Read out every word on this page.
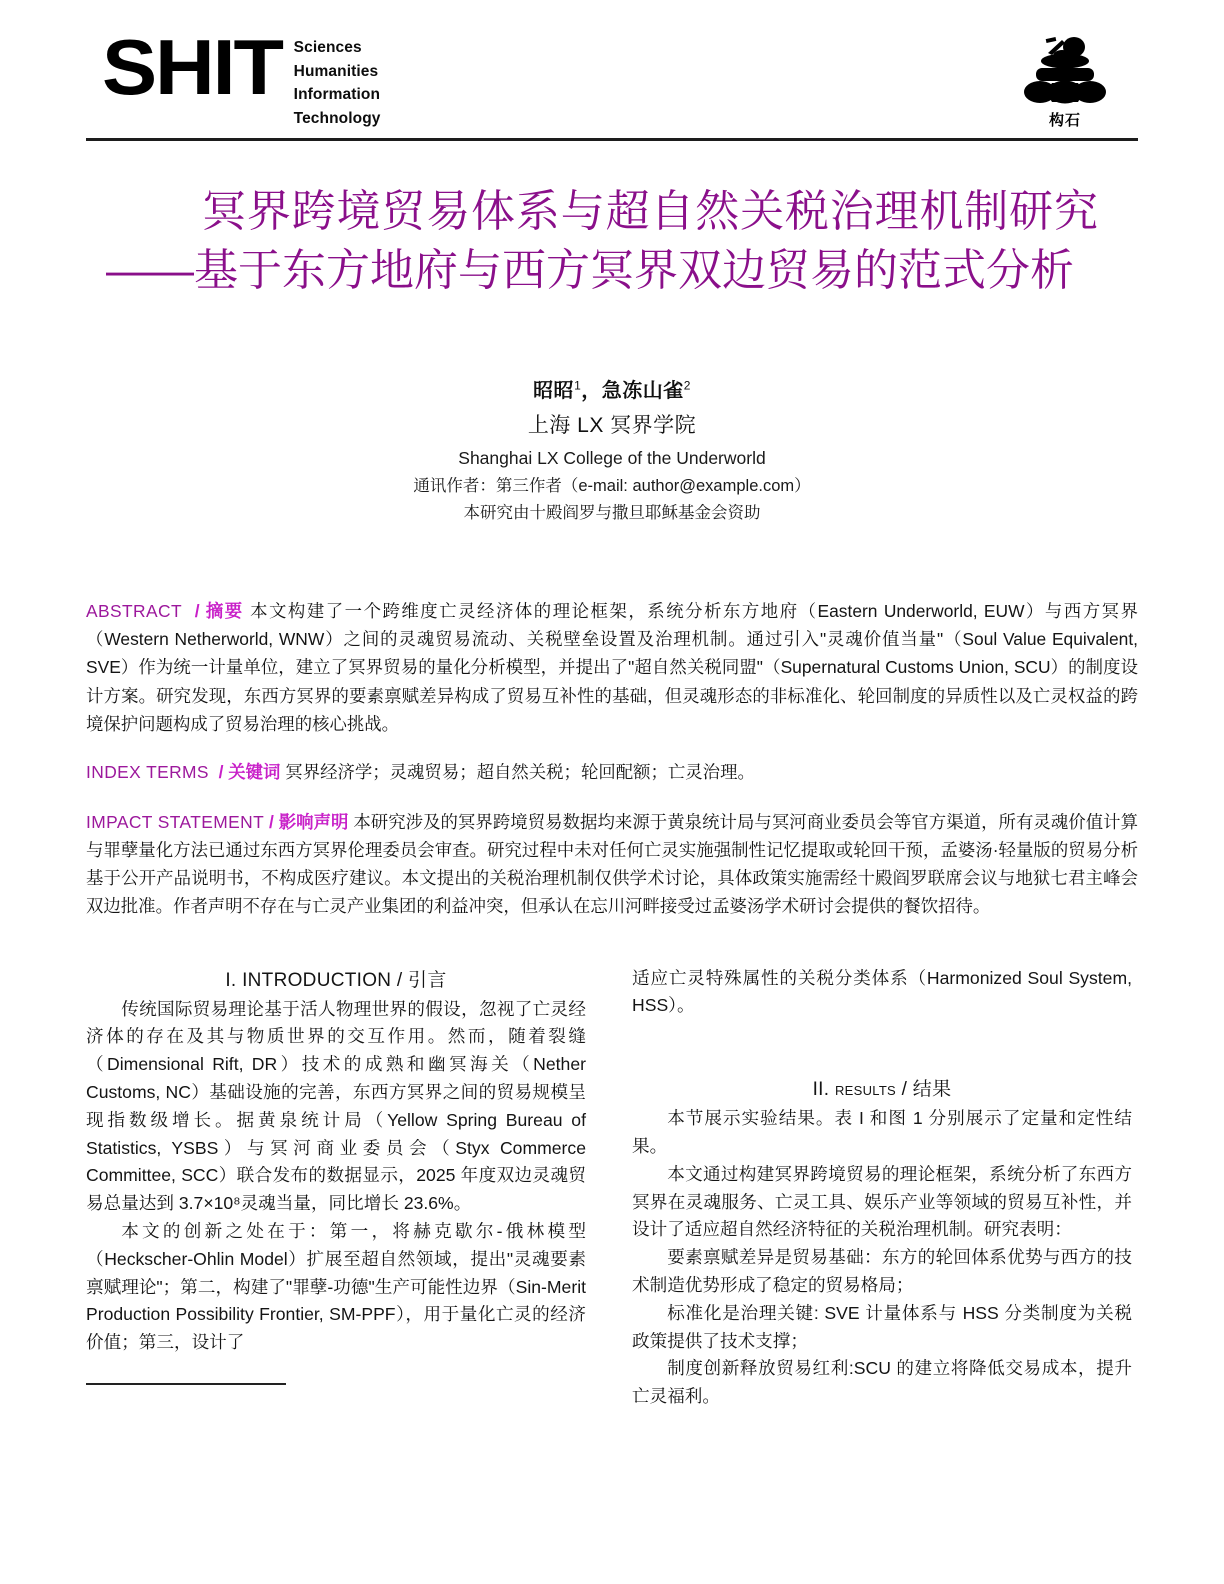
SHIT Sciences
Humanities
Information
Technology	构石
冥界跨境贸易体系与超自然关税治理机制研究——基于东方地府与西方冥界双边贸易的范式分析
昭昭$^1$，急冻山雀$^2$
上海 LX 冥界学院
Shanghai LX College of the Underworld
通讯作者：第三作者（e-mail: author@example.com）
本研究由十殿阎罗与撒旦耶稣基金会资助

ABSTRACT / 摘要 本文构建了一个跨维度亡灵经济体的理论框架，系统分析东方地府（Eastern Underworld, EUW）与西方冥界（Western Netherworld, WNW）之间的灵魂贸易流动、关税壁垒设置及治理机制。通过引入"灵魂价值当量"（Soul Value Equivalent, SVE）作为统一计量单位，建立了冥界贸易的量化分析模型，并提出了"超自然关税同盟"（Supernatural Customs Union, SCU）的制度设计方案。研究发现，东西方冥界的要素禀赋差异构成了贸易互补性的基础，但灵魂形态的非标准化、轮回制度的异质性以及亡灵权益的跨境保护问题构成了贸易治理的核心挑战。

INDEX TERMS / 关键词 冥界经济学；灵魂贸易；超自然关税；轮回配额；亡灵治理。

IMPACT STATEMENT / 影响声明 本研究涉及的冥界跨境贸易数据均来源于黄泉统计局与冥河商业委员会等官方渠道，所有灵魂价值计算与罪孽量化方法已通过东西方冥界伦理委员会审查。研究过程中未对任何亡灵实施强制性记忆提取或轮回干预，孟婆汤·轻量版的贸易分析基于公开产品说明书，不构成医疗建议。本文提出的关税治理机制仅供学术讨论，具体政策实施需经十殿阎罗联席会议与地狱七君主峰会双边批准。作者声明不存在与亡灵产业集团的利益冲突，但承认在忘川河畔接受过孟婆汤学术研讨会提供的餐饮招待。

I. INTRODUCTION / 引言

传统国际贸易理论基于活人物理世界的假设，忽视了亡灵经济体的存在及其与物质世界的交互作用。然而，随着裂缝（Dimensional Rift, DR）技术的成熟和幽冥海关（Nether Customs, NC）基础设施的完善，东西方冥界之间的贸易规模呈现指数级增长。据黄泉统计局（Yellow Spring Bureau of Statistics, YSBS）与冥河商业委员会（Styx Commerce Committee, SCC）联合发布的数据显示，2025 年度双边灵魂贸易总量达到 3.7×10⁸灵魂当量，同比增长 23.6%。

本文的创新之处在于：第一，将赫克歇尔-俄林模型（Heckscher-Ohlin Model）扩展至超自然领域，提出"灵魂要素禀赋理论"；第二，构建了"罪孽-功德"生产可能性边界（Sin-Merit Production Possibility Frontier, SM-PPF），用于量化亡灵的经济价值；第三，设计了

适应亡灵特殊属性的关税分类体系（Harmonized Soul System, HSS）。

II. results / 结果

本节展示实验结果。表 I 和图 1 分别展示了定量和定性结果。

本文通过构建冥界跨境贸易的理论框架，系统分析了东西方冥界在灵魂服务、亡灵工具、娱乐产业等领域的贸易互补性，并设计了适应超自然经济特征的关税治理机制。研究表明：

要素禀赋差异是贸易基础：东方的轮回体系优势与西方的技术制造优势形成了稳定的贸易格局；

标准化是治理关键: SVE 计量体系与 HSS 分类制度为关税政策提供了技术支撑；

制度创新释放贸易红利:SCU 的建立将降低交易成本，提升亡灵福利。
